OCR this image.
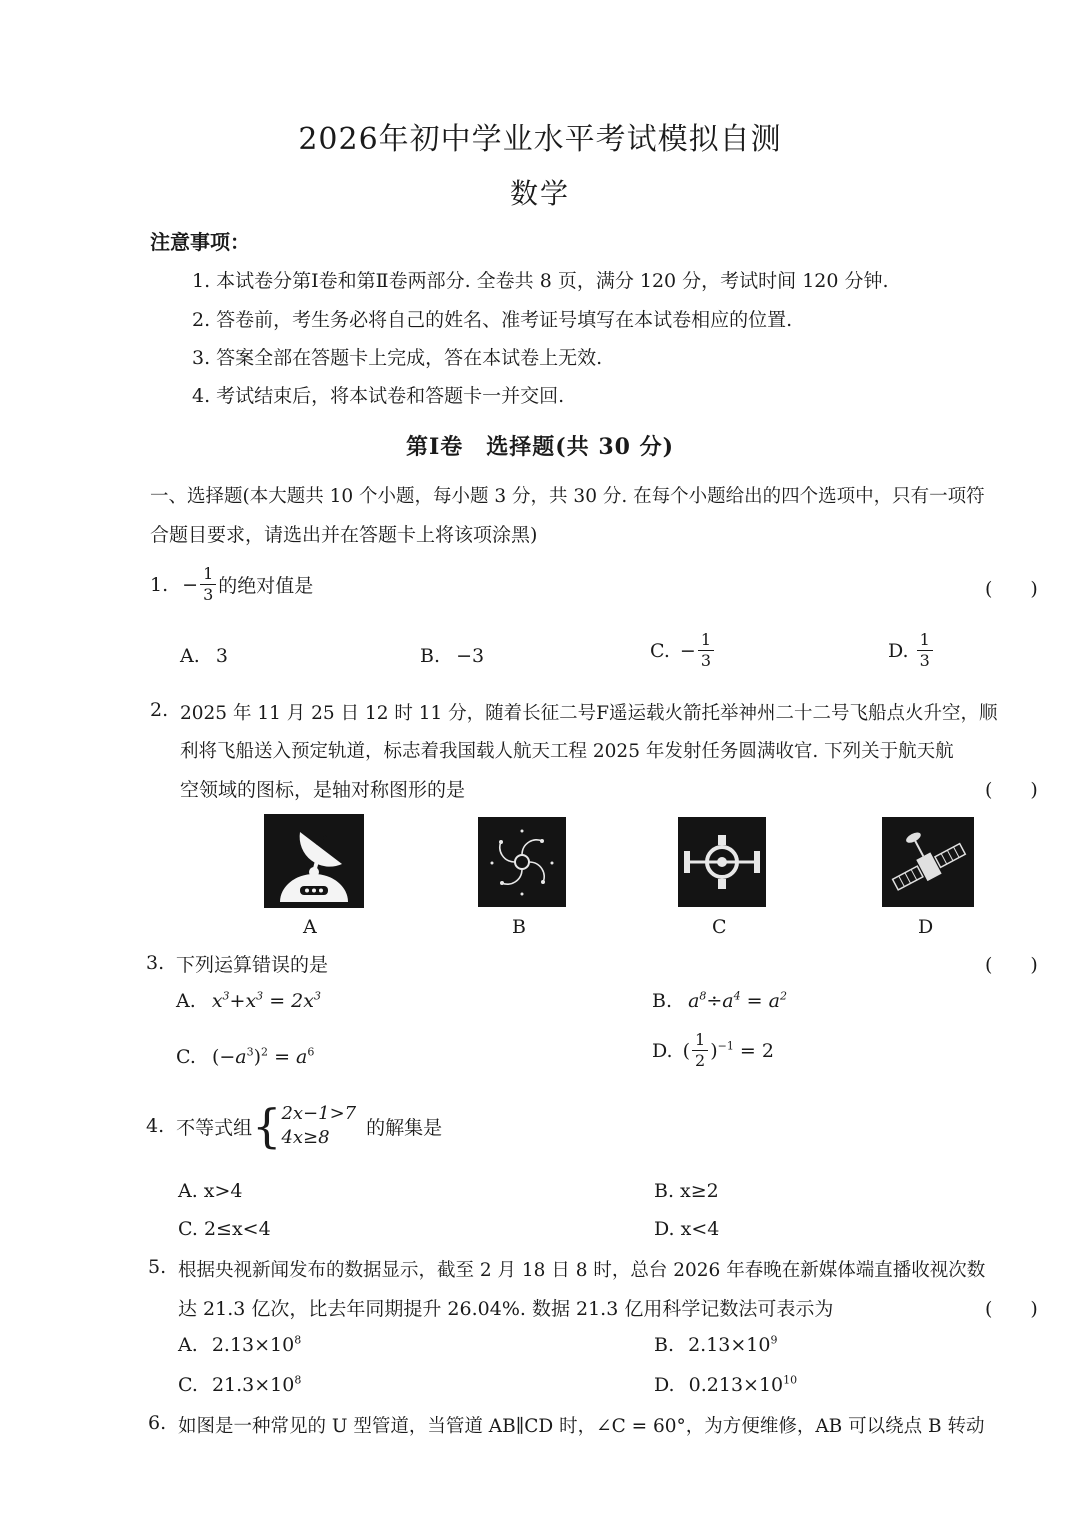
2026年初中学业水平考试模拟自测
数学
注意事项：
1. 本试卷分第Ⅰ卷和第Ⅱ卷两部分. 全卷共 8 页，满分 120 分，考试时间 120 分钟.
2. 答卷前，考生务必将自己的姓名、准考证号填写在本试卷相应的位置.
3. 答案全部在答题卡上完成，答在本试卷上无效.
4. 考试结束后，将本试卷和答题卡一并交回.
第Ⅰ卷　选择题(共 30 分)
一、选择题(本大题共 10 个小题，每小题 3 分，共 30 分. 在每个小题给出的四个选项中，只有一项符
合题目要求，请选出并在答题卡上将该项涂黑)
1. − $\frac{1}{3}$ 的绝对值是	(　　)
A. 3	B. −3	C. − $\frac{1}{3}$	D. $\frac{1}{3}$
2. 2025 年 11 月 25 日 12 时 11 分，随着长征二号F遥运载火箭托举神州二十二号飞船点火升空，顺
利将飞船送入预定轨道，标志着我国载人航天工程 2025 年发射任务圆满收官. 下列关于航天航
空领域的图标，是轴对称图形的是	(　　)
A	B	C	D
3. 下列运算错误的是	(　　)
A. $x^3+x^3 = 2x^3$	B. $a^8\div a^4 = a^2$
C. $(-a^3)^2 = a^6$	D. ( $\frac{1}{2} )^{-1} = 2$
4. 不等式组 { 2x−1>7
4x≥8	的解集是
A. x>4	B. x≥2
C. 2≤x<4	D. x<4
5. 根据央视新闻发布的数据显示，截至 2 月 18 日 8 时，总台 2026 年春晚在新媒体端直播收视次数
达 21.3 亿次，比去年同期提升 26.04%. 数据 21.3 亿用科学记数法可表示为	(　　)
A. $2.13\times 10^8$	B. $2.13\times 10^9$
C. $21.3\times 10^8$	D. $0.213\times 10^{10}$
6. 如图是一种常见的 U 型管道，当管道 AB∥CD 时，∠C = 60°，为方便维修，AB 可以绕点 B 转动
